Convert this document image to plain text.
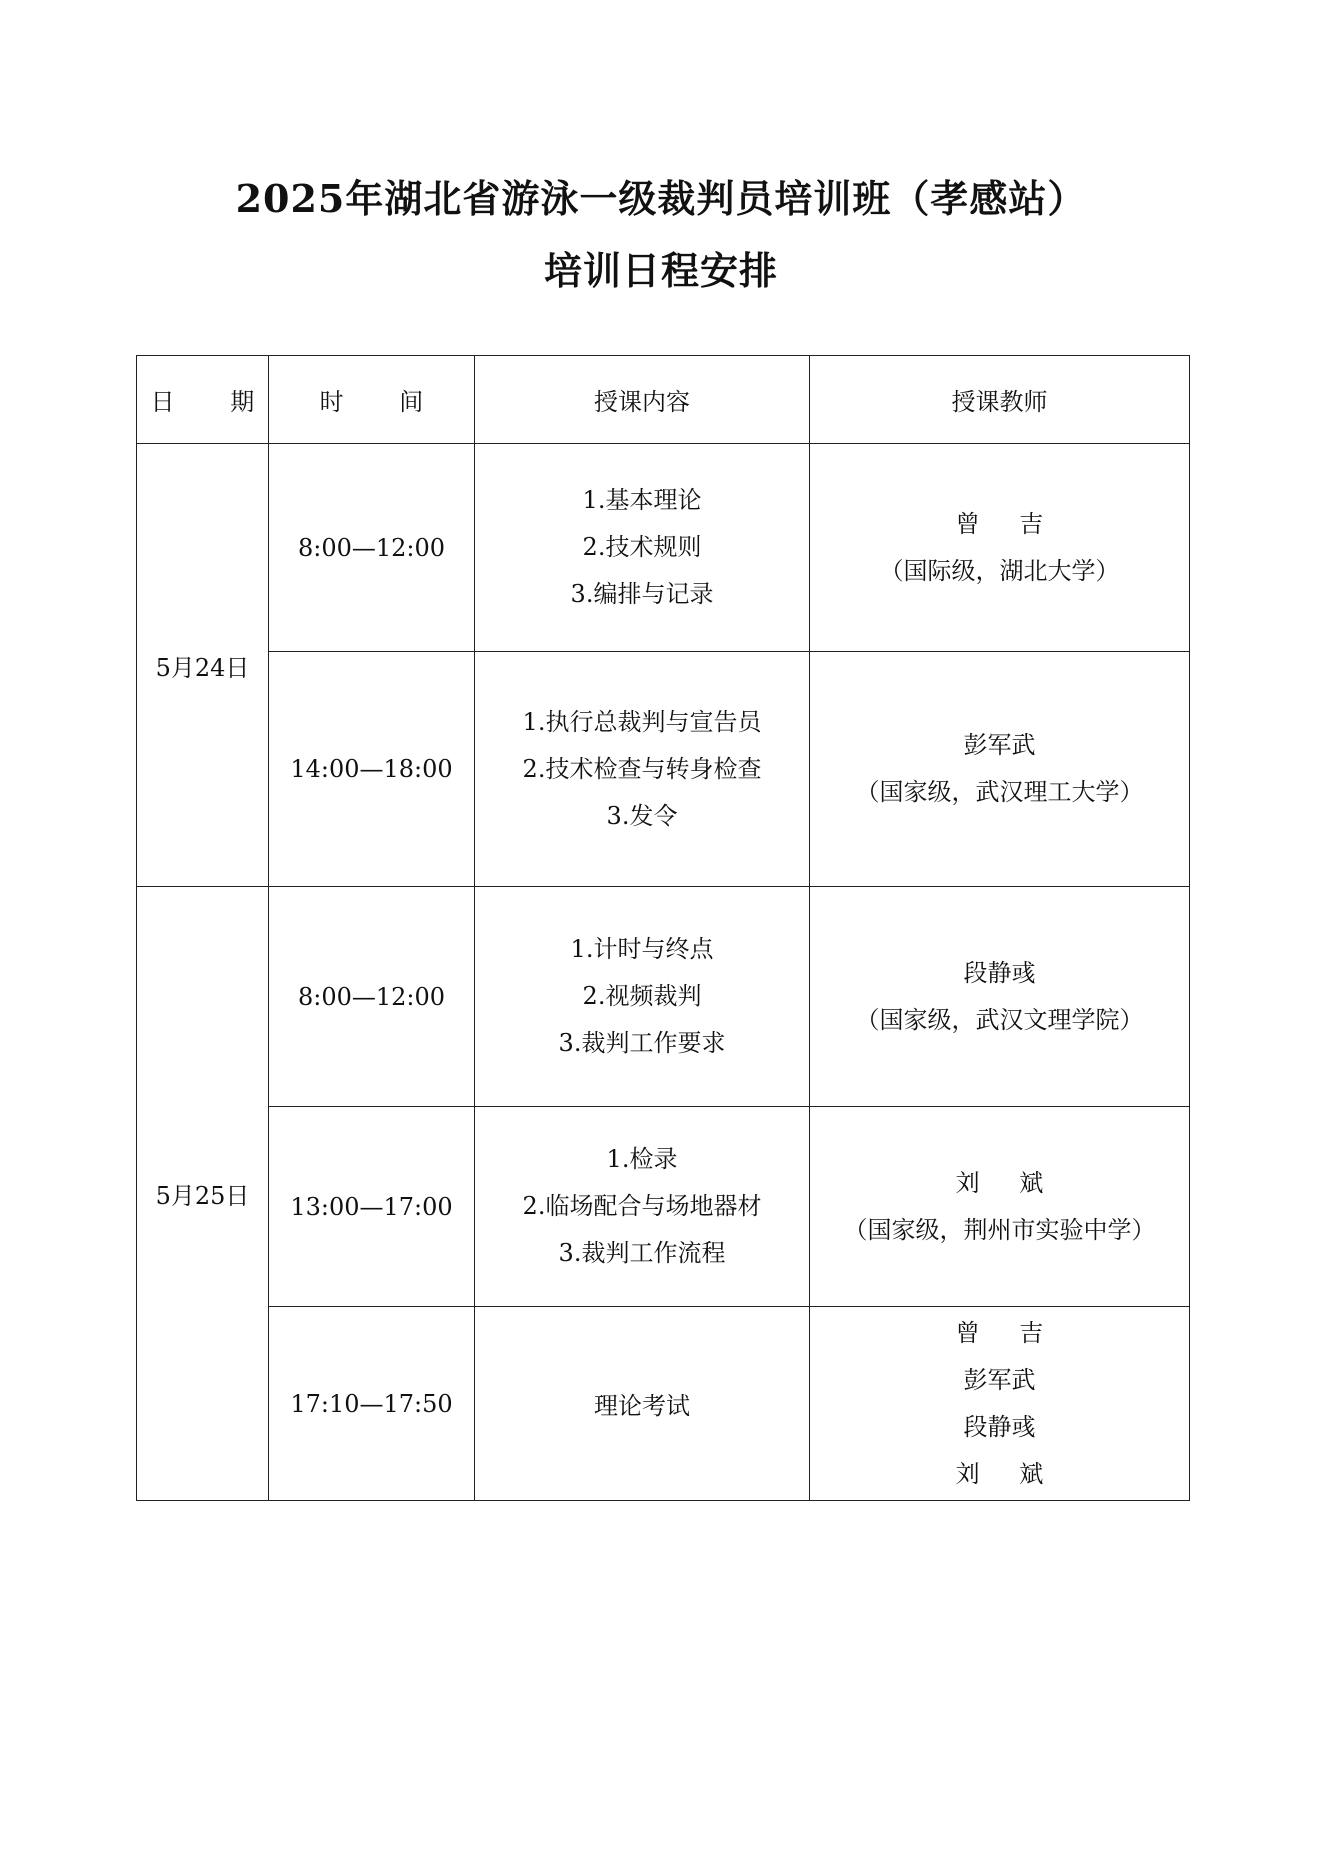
2025年湖北省游泳一级裁判员培训班（孝感站）
培训日程安排
日 期	时 间	授课内容	授课教师
5月24日	8:00—12:00	1.基本理论
2.技术规则
3.编排与记录	曾 吉
（国际级，湖北大学）

	14:00—18:00	1.执行总裁判与宣告员
2.技术检查与转身检查
3.发令	彭军武
（国家级，武汉理工大学）

5月25日	8:00—12:00	1.计时与终点
2.视频裁判
3.裁判工作要求	段静彧
（国家级，武汉文理学院）

	13:00—17:00	1.检录
2.临场配合与场地器材
3.裁判工作流程	刘 斌
（国家级，荆州市实验中学）

	17:10—17:50	理论考试	曾 吉
彭军武
段静彧
刘 斌
